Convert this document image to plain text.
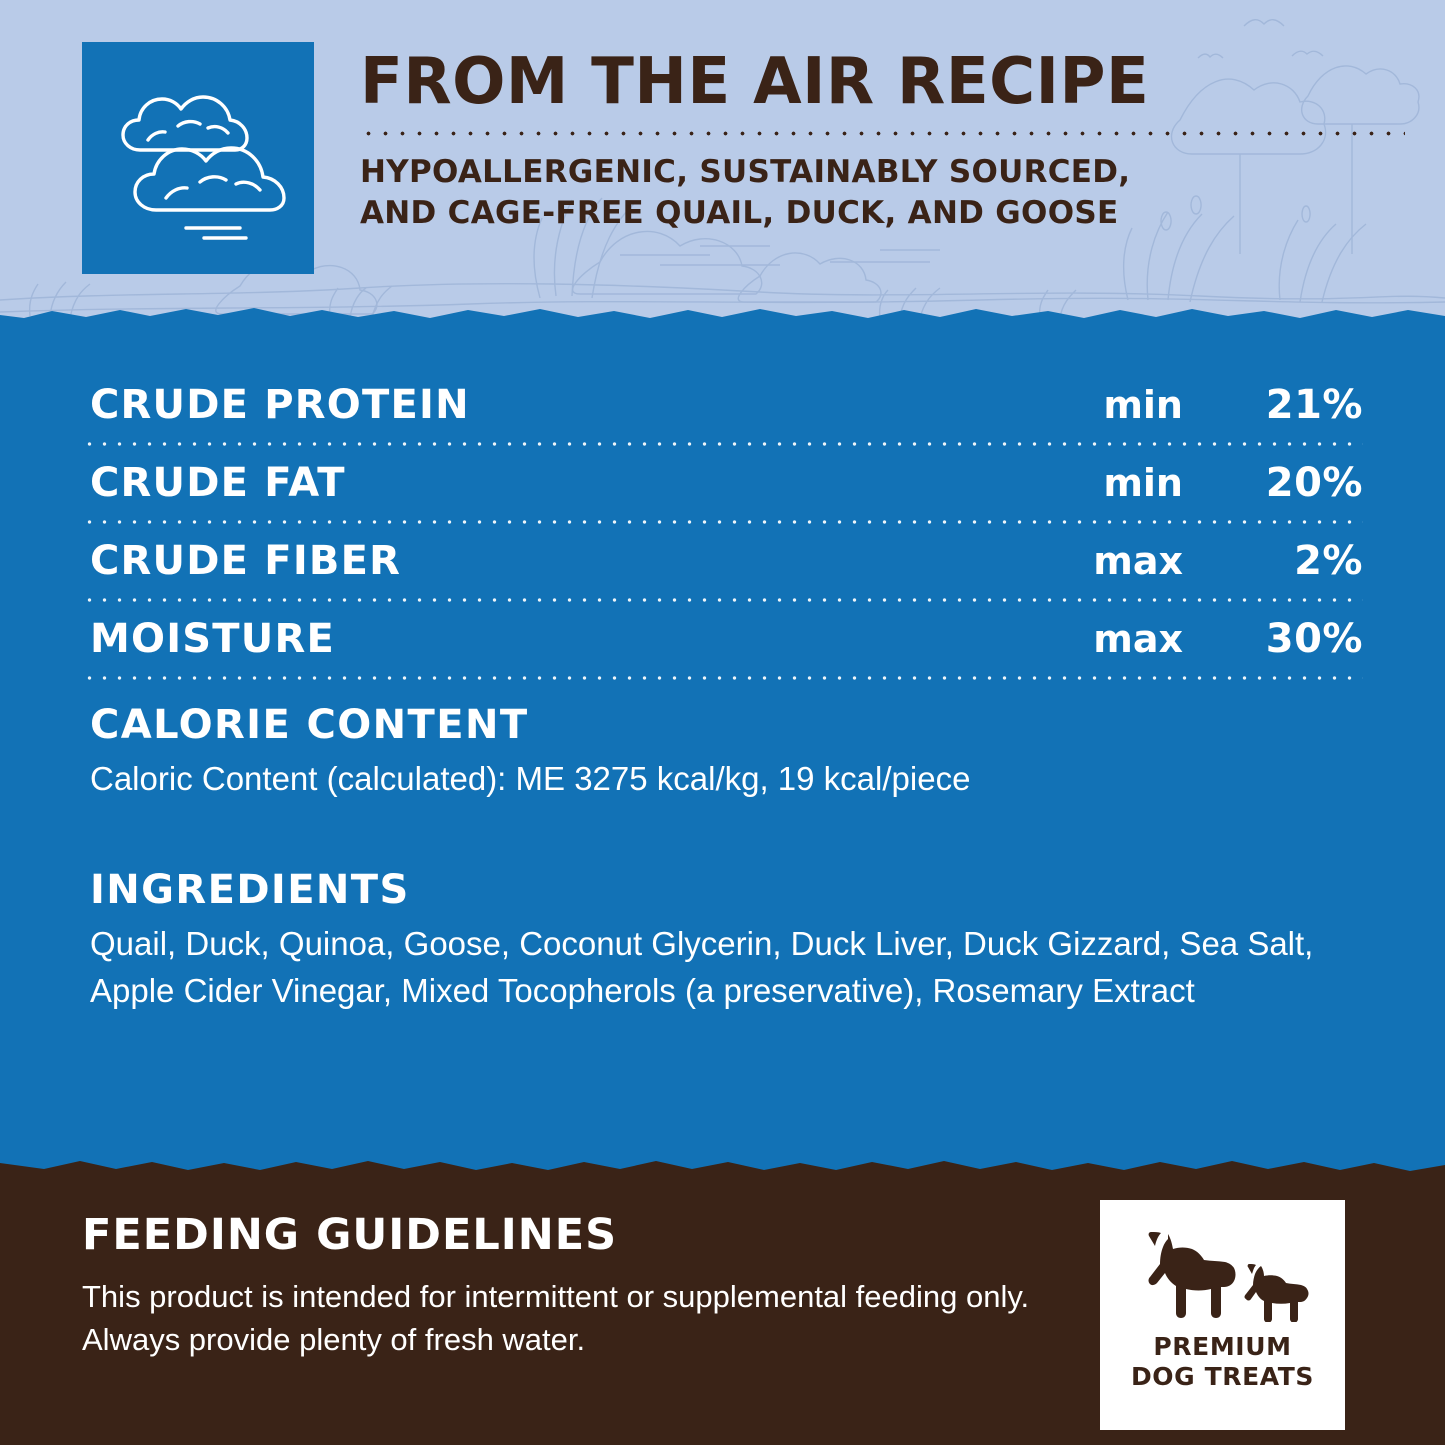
FROM THE AIR RECIPE
HYPOALLERGENIC, SUSTAINABLY SOURCED,
AND CAGE-FREE QUAIL, DUCK, AND GOOSE
CRUDE PROTEIN	min	21%
CRUDE FAT	min	20%
CRUDE FIBER	max	2%
MOISTURE	max	30%
CALORIE CONTENT
Caloric Content (calculated): ME 3275 kcal/kg, 19 kcal/piece
INGREDIENTS
Quail, Duck, Quinoa, Goose, Coconut Glycerin, Duck Liver, Duck Gizzard, Sea Salt, Apple Cider Vinegar, Mixed Tocopherols (a preservative), Rosemary Extract
FEEDING GUIDELINES
This product is intended for intermittent or supplemental feeding only. Always provide plenty of fresh water.	PREMIUM
DOG TREATS
